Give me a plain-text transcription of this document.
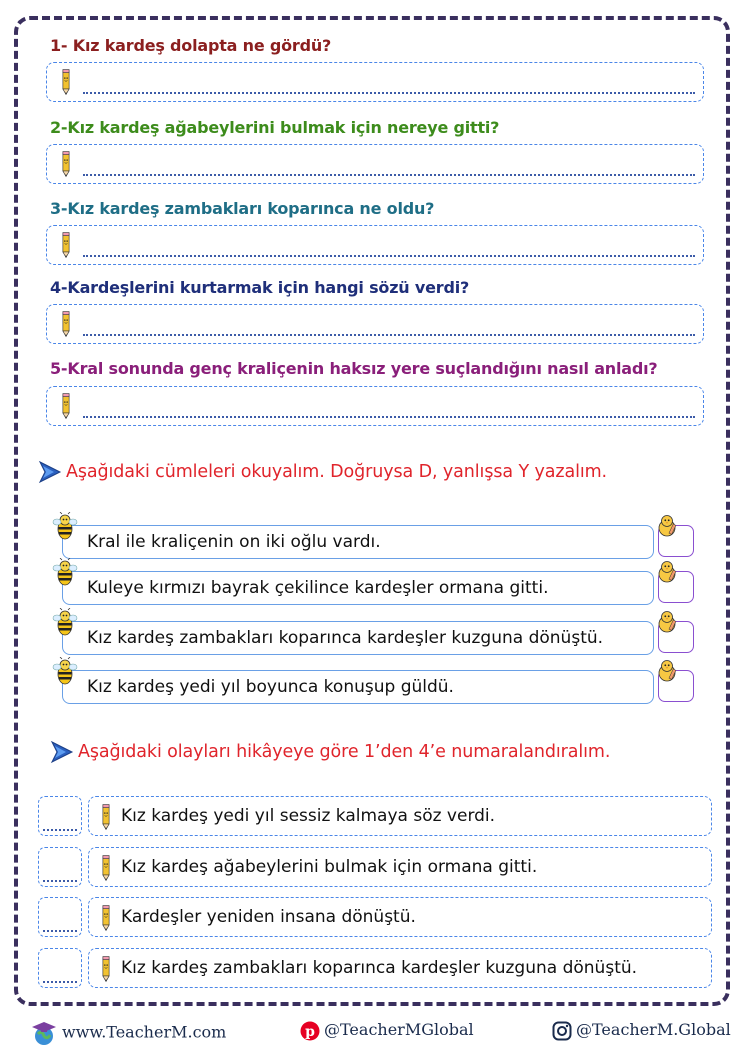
1- Kız kardeş dolapta ne gördü?
2-Kız kardeş ağabeylerini bulmak için nereye gitti?
3-Kız kardeş zambakları koparınca ne oldu?
4-Kardeşlerini kurtarmak için hangi sözü verdi?
5-Kral sonunda genç kraliçenin haksız yere suçlandığını nasıl anladı?
Aşağıdaki cümleleri okuyalım. Doğruysa D, yanlışsa Y yazalım.
Kral ile kraliçenin on iki oğlu vardı.
Kuleye kırmızı bayrak çekilince kardeşler ormana gitti.
Kız kardeş zambakları koparınca kardeşler kuzguna dönüştü.
Kız kardeş yedi yıl boyunca konuşup güldü.
Aşağıdaki olayları hikâyeye göre 1’den 4’e numaralandıralım.
Kız kardeş yedi yıl sessiz kalmaya söz verdi.
Kız kardeş ağabeylerini bulmak için ormana gitti.
Kardeşler yeniden insana dönüştü.
Kız kardeş zambakları koparınca kardeşler kuzguna dönüştü.
www.TeacherM.com	p @TeacherMGlobal	@TeacherM.Global
